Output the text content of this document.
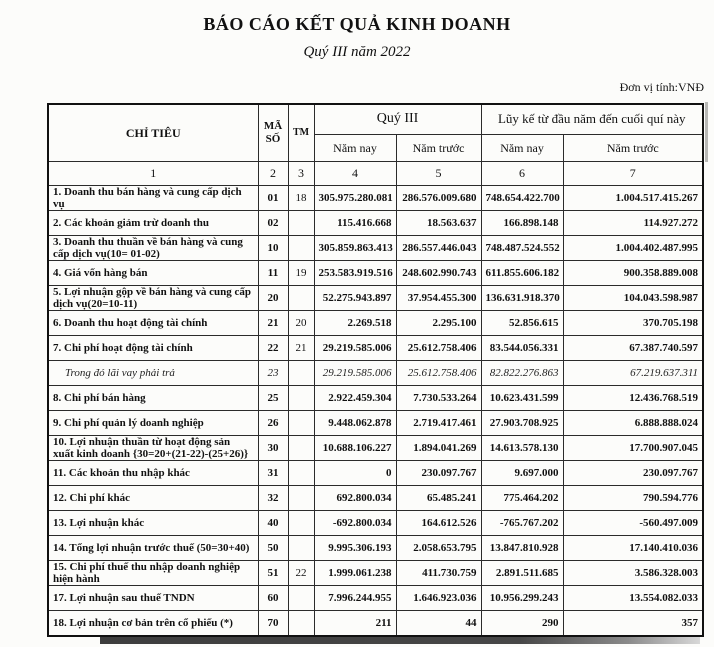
BÁO CÁO KẾT QUẢ KINH DOANH
Quý III năm 2022
Đơn vị tính:VNĐ
CHỈ TIÊU	MÃ SỐ	TM	Quý III		Lũy kế từ đầu năm đến cuối quí này	
			Năm nay	Năm trước	Năm nay	Năm trước
1	2	3	4	5	6	7
1. Doanh thu bán hàng và cung cấp dịch vụ	01	18	305.975.280.081	286.576.009.680	748.654.422.700	1.004.517.415.267
2. Các khoản giảm trừ doanh thu	02		115.416.668	18.563.637	166.898.148	114.927.272
3. Doanh thu thuần về bán hàng và cung cấp dịch vụ(10= 01-02)	10		305.859.863.413	286.557.446.043	748.487.524.552	1.004.402.487.995
4. Giá vốn hàng bán	11	19	253.583.919.516	248.602.990.743	611.855.606.182	900.358.889.008
5. Lợi nhuận gộp về bán hàng và cung cấp dịch vụ(20=10-11)	20		52.275.943.897	37.954.455.300	136.631.918.370	104.043.598.987
6. Doanh thu hoạt động tài chính	21	20	2.269.518	2.295.100	52.856.615	370.705.198
7. Chi phí hoạt động tài chính	22	21	29.219.585.006	25.612.758.406	83.544.056.331	67.387.740.597
Trong đó lãi vay phải trả	23		29.219.585.006	25.612.758.406	82.822.276.863	67.219.637.311
8. Chi phí bán hàng	25		2.922.459.304	7.730.533.264	10.623.431.599	12.436.768.519
9. Chi phí quản lý doanh nghiệp	26		9.448.062.878	2.719.417.461	27.903.708.925	6.888.888.024
10. Lợi nhuận thuần từ hoạt động sản xuất kinh doanh {30=20+(21-22)-(25+26)}	30		10.688.106.227	1.894.041.269	14.613.578.130	17.700.907.045
11. Các khoản thu nhập khác	31		0	230.097.767	9.697.000	230.097.767
12. Chi phí khác	32		692.800.034	65.485.241	775.464.202	790.594.776
13. Lợi nhuận khác	40		-692.800.034	164.612.526	-765.767.202	-560.497.009
14. Tổng lợi nhuận trước thuế (50=30+40)	50		9.995.306.193	2.058.653.795	13.847.810.928	17.140.410.036
15. Chi phí thuế thu nhập doanh nghiệp hiện hành	51	22	1.999.061.238	411.730.759	2.891.511.685	3.586.328.003
17. Lợi nhuận sau thuế TNDN	60		7.996.244.955	1.646.923.036	10.956.299.243	13.554.082.033
18. Lợi nhuận cơ bản trên cổ phiếu (*)	70		211	44	290	357
